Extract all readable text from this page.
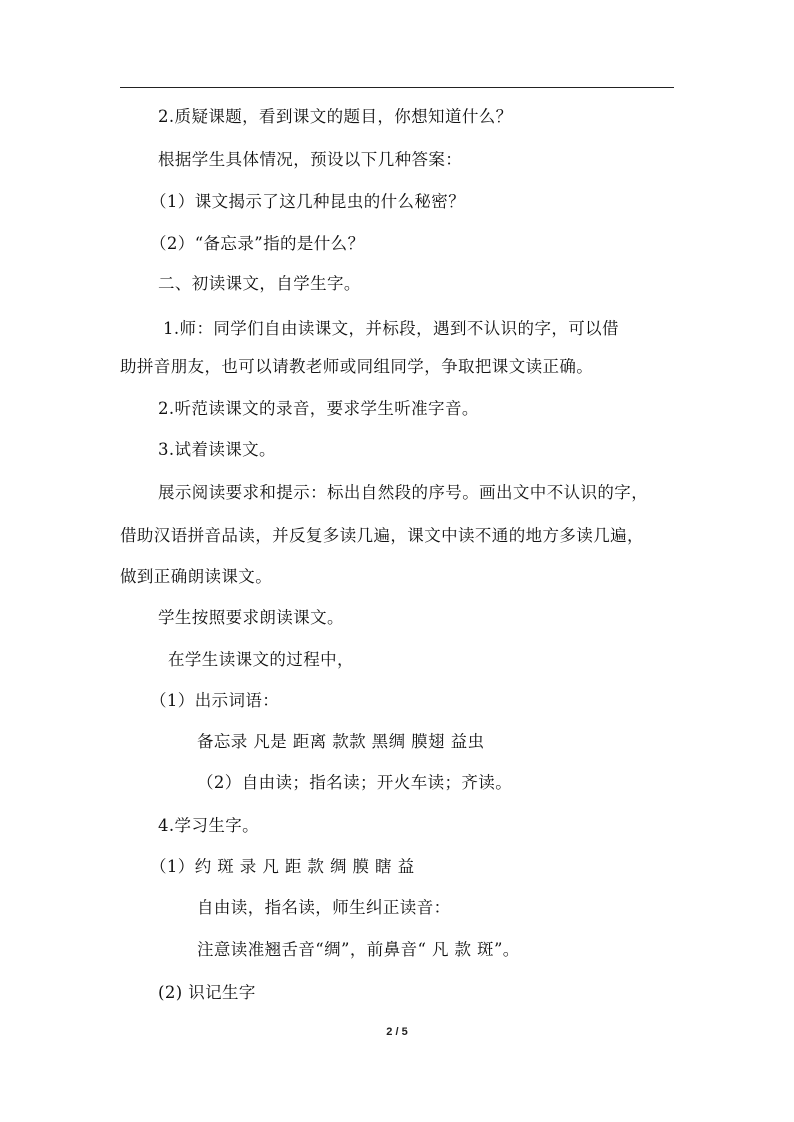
2.质疑课题，看到课文的题目，你想知道什么？
根据学生具体情况，预设以下几种答案：
（1）课文揭示了这几种昆虫的什么秘密？
（2）“备忘录”指的是什么？
二、初读课文，自学生字。
1.师：同学们自由读课文，并标段，遇到不认识的字，可以借
助拼音朋友，也可以请教老师或同组同学，争取把课文读正确。
2.听范读课文的录音，要求学生听准字音。
3.试着读课文。
展示阅读要求和提示：标出自然段的序号。画出文中不认识的字，
借助汉语拼音品读，并反复多读几遍，课文中读不通的地方多读几遍，
做到正确朗读课文。
学生按照要求朗读课文。
在学生读课文的过程中，
（1）出示词语：
备忘录 凡是 距离 款款 黑绸 膜翅 益虫
（2）自由读；指名读；开火车读；齐读。
4.学习生字。
（1）约 斑 录 凡 距 款 绸 膜 瞎 益
自由读，指名读，师生纠正读音：
注意读准翘舌音“绸”，前鼻音“ 凡 款 斑”。
(2) 识记生字
2 / 5
